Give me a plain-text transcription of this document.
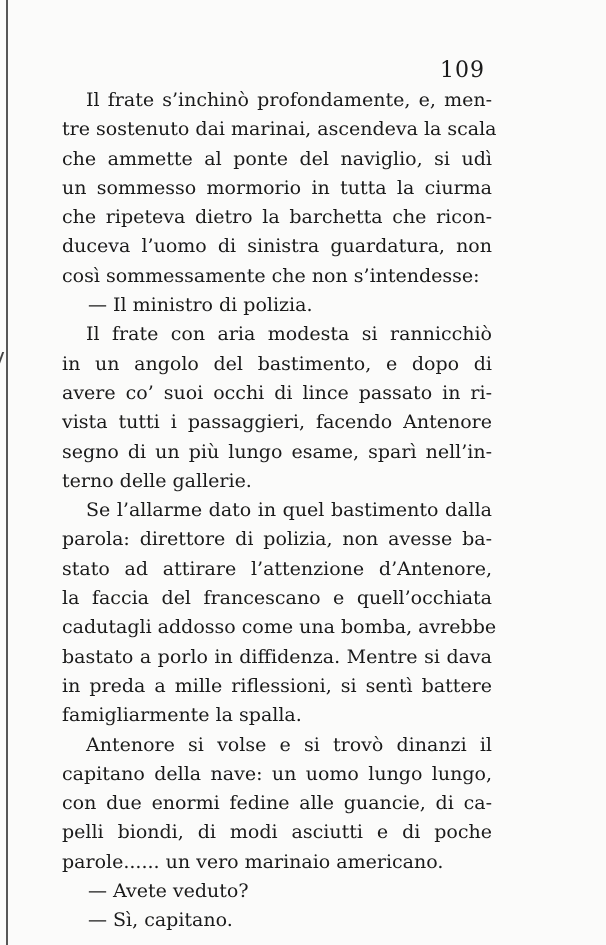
109
Il frate s’inchinò profondamente, e, men-
tre sostenuto dai marinai, ascendeva la scala
che ammette al ponte del naviglio, si udì
un sommesso mormorio in tutta la ciurma
che ripeteva dietro la barchetta che ricon-
duceva l’uomo di sinistra guardatura, non
così sommessamente che non s’intendesse:
— Il ministro di polizia.
Il frate con aria modesta si rannicchiò
in un angolo del bastimento, e dopo di
avere co’ suoi occhi di lince passato in ri-
vista tutti i passaggieri, facendo Antenore
segno di un più lungo esame, sparì nell’in-
terno delle gallerie.
Se l’allarme dato in quel bastimento dalla
parola: direttore di polizia, non avesse ba-
stato ad attirare l’attenzione d’Antenore,
la faccia del francescano e quell’occhiata
cadutagli addosso come una bomba, avrebbe
bastato a porlo in diffidenza. Mentre si dava
in preda a mille riflessioni, si sentì battere
famigliarmente la spalla.
Antenore si volse e si trovò dinanzi il
capitano della nave: un uomo lungo lungo,
con due enormi fedine alle guancie, di ca-
pelli biondi, di modi asciutti e di poche
parole...... un vero marinaio americano.
— Avete veduto?
— Sì, capitano.
